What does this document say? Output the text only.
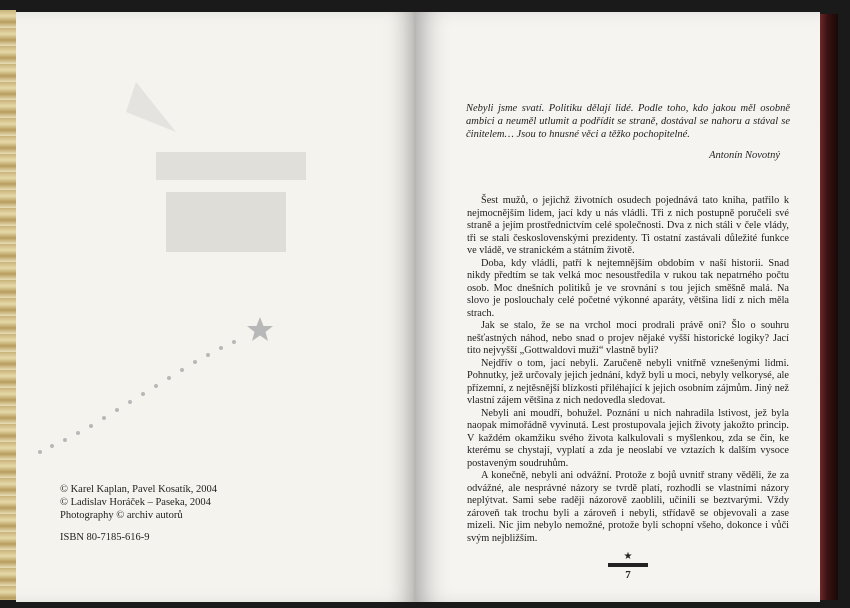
© Karel Kaplan, Pavel Kosatík, 2004
© Ladislav Horáček – Paseka, 2004
Photography © archiv autorů
ISBN 80-7185-616-9
Nebyli jsme svatí. Politiku dělají lidé. Podle toho, kdo jakou měl osobně ambici a neuměl utlumit a podřídit se straně, dostával se nahoru a stával se činitelem… Jsou to hnusné věci a těžko pochopitelné.
Antonín Novotný

Šest mužů, o jejichž životních osudech pojednává tato kniha, patřilo k nejmocnějším lidem, jací kdy u nás vládli. Tři z nich postupně poručeli své straně a jejím prostřednictvím celé společnosti. Dva z nich stáli v čele vlády, tři se stali československými prezidenty. Ti ostatní zastávali důležité funkce ve vládě, ve stranickém a státním životě.

Doba, kdy vládli, patří k nejtemnějším obdobím v naší historii. Snad nikdy předtím se tak velká moc nesoustředila v rukou tak nepatrného počtu osob. Moc dnešních politiků je ve srovnání s tou jejich směšně malá. Na slovo je poslouchaly celé početné výkonné aparáty, většina lidí z nich měla strach.

Jak se stalo, že se na vrchol moci prodrali právě oni? Šlo o souhru nešťastných náhod, nebo snad o projev nějaké vyšší historické logiky? Jací tito nejvyšší „Gottwaldovi muži“ vlastně byli?

Nejdřív o tom, jací nebyli. Zaručeně nebyli vnitřně vznešenými lidmi. Pohnutky, jež určovaly jejich jednání, když byli u moci, nebyly velkorysé, ale přízemní, z nejtěsnější blízkosti přiléhající k jejich osobním zájmům. Jiný než vlastní zájem většina z nich nedovedla sledovat.

Nebyli ani moudří, bohužel. Poznání u nich nahradila lstivost, jež byla naopak mimořádně vyvinutá. Lest prostupovala jejich životy jakožto princip. V každém okamžiku svého života kalkulovali s myšlenkou, zda se čin, ke kterému se chystají, vyplatí a zda je neoslabí ve vztazích k dalším vysoce postaveným soudruhům.

A konečně, nebyli ani odvážní. Protože z bojů uvnitř strany věděli, že za odvážné, ale nesprávné názory se tvrdě platí, rozhodli se vlastními názory neplýtvat. Sami sebe raději názorově zaoblili, učinili se beztvarými. Vždy zároveň tak trochu byli a zároveň i nebyli, střídavě se objevovali a zase mizeli. Nic jim nebylo nemožné, protože byli schopní všeho, dokonce i vůči svým nejbližším.

★
7
